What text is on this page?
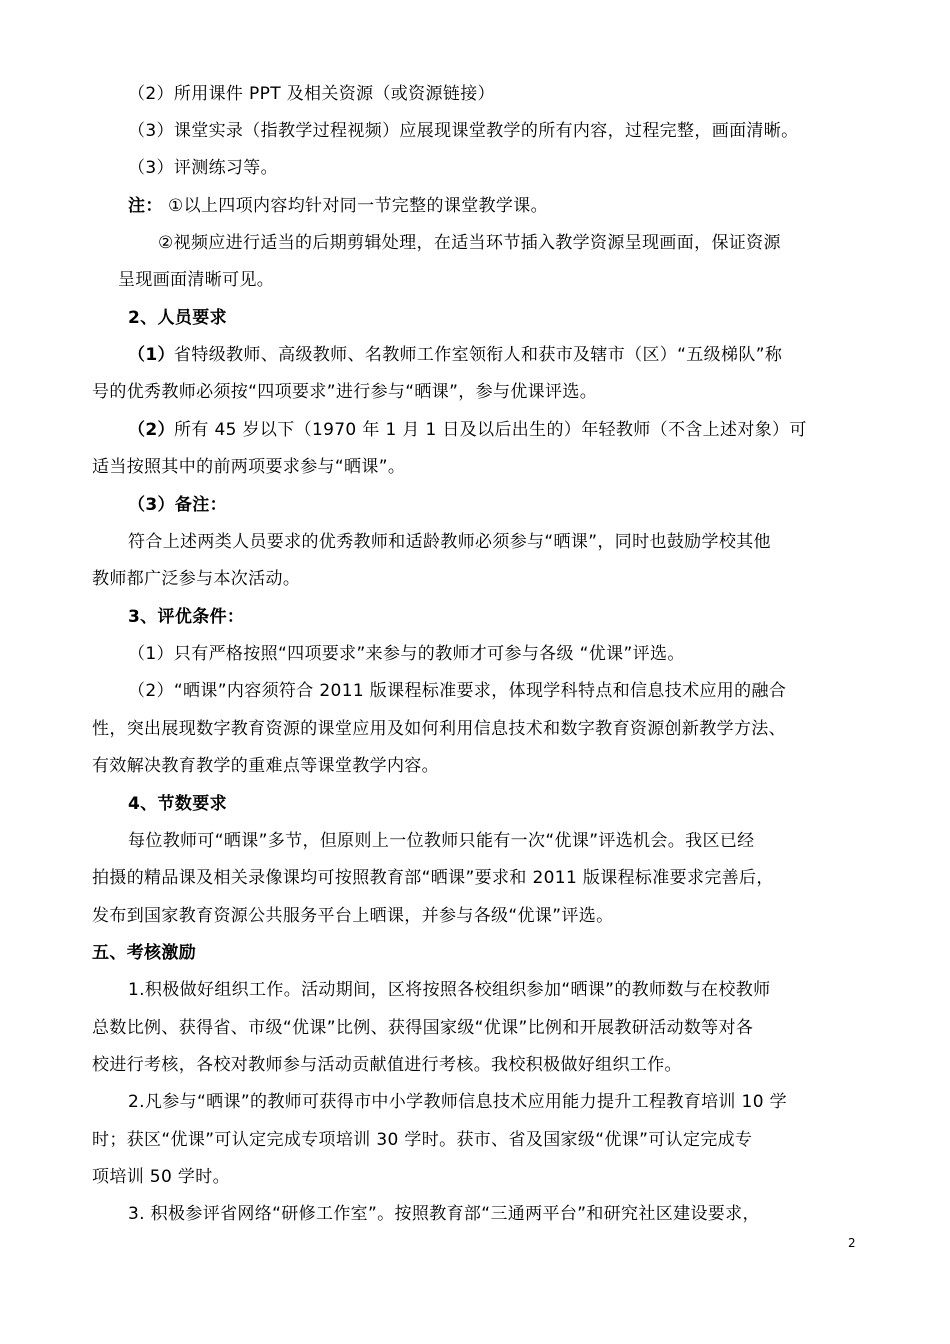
（2）所用课件 PPT 及相关资源（或资源链接）
（3）课堂实录（指教学过程视频）应展现课堂教学的所有内容，过程完整，画面清晰。
（3）评测练习等。
注： ①以上四项内容均针对同一节完整的课堂教学课。
②视频应进行适当的后期剪辑处理，在适当环节插入教学资源呈现画面，保证资源
呈现画面清晰可见。
2、人员要求
（1） 省特级教师、高级教师、名教师工作室领衔人和获市及辖市（区）“五级梯队”称
号的优秀教师必须按“四项要求”进行参与“晒课”，参与优课评选。
（2） 所有 45 岁以下（1970 年 1 月 1 日及以后出生的）年轻教师（不含上述对象）可
适当按照其中的前两项要求参与“晒课”。
（3）备注：
符合上述两类人员要求的优秀教师和适龄教师必须参与“晒课”，同时也鼓励学校其他
教师都广泛参与本次活动。
3、评优条件：
（1）只有严格按照“四项要求”来参与的教师才可参与各级 “优课”评选。
（2）“晒课”内容须符合 2011 版课程标准要求，体现学科特点和信息技术应用的融合
性，突出展现数字教育资源的课堂应用及如何利用信息技术和数字教育资源创新教学方法、
有效解决教育教学的重难点等课堂教学内容。
4、节数要求
每位教师可“晒课”多节，但原则上一位教师只能有一次“优课”评选机会。我区已经
拍摄的精品课及相关录像课均可按照教育部“晒课”要求和 2011 版课程标准要求完善后，
发布到国家教育资源公共服务平台上晒课，并参与各级“优课”评选。
五、考核激励
1.积极做好组织工作。活动期间，区将按照各校组织参加“晒课”的教师数与在校教师
总数比例、获得省、市级“优课”比例、获得国家级“优课”比例和开展教研活动数等对各
校进行考核，各校对教师参与活动贡献值进行考核。我校积极做好组织工作。
2.凡参与“晒课”的教师可获得市中小学教师信息技术应用能力提升工程教育培训 10 学
时；获区“优课”可认定完成专项培训 30 学时。获市、省及国家级“优课”可认定完成专
项培训 50 学时。
3. 积极参评省网络“研修工作室”。按照教育部“三通两平台”和研究社区建设要求，
2
